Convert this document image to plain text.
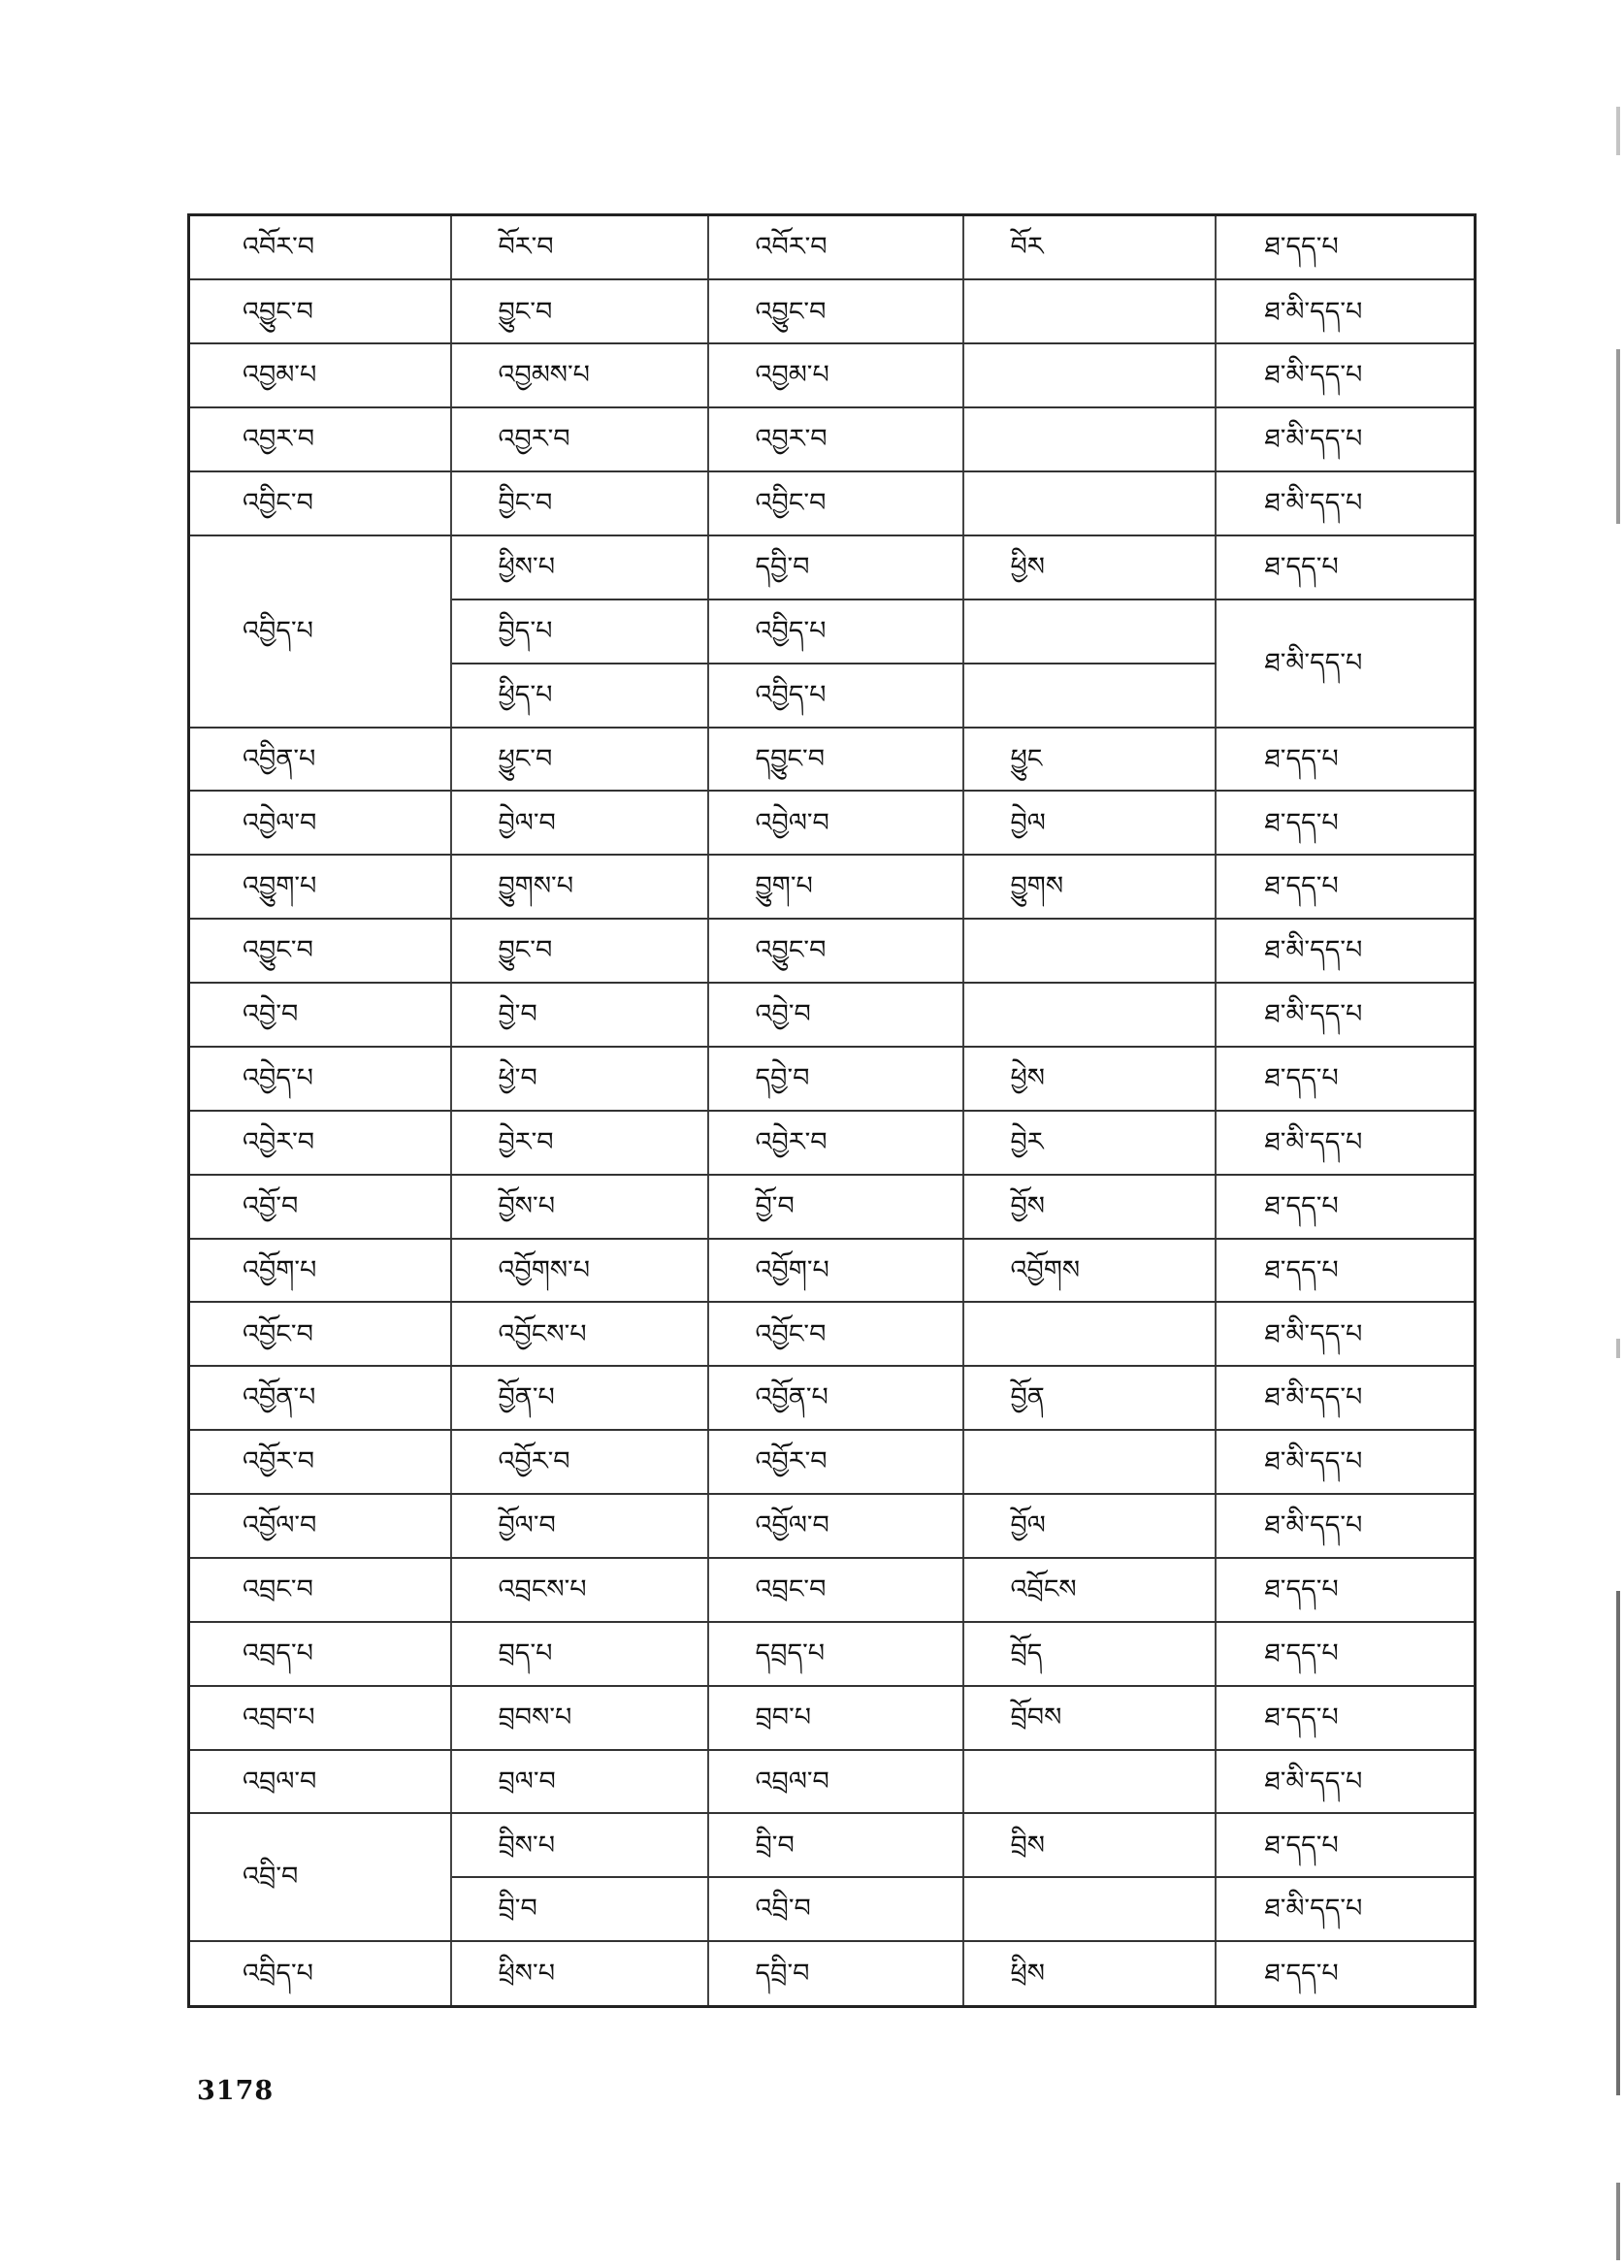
འབོར་བ	བོར་བ	འབོར་བ	བོར	ཐ་དད་པ
འབྱུང་བ	བྱུང་བ	འབྱུང་བ		ཐ་མི་དད་པ
འབྱམ་པ	འབྱམས་པ	འབྱམ་པ		ཐ་མི་དད་པ
འབྱར་བ	འབྱར་བ	འབྱར་བ		ཐ་མི་དད་པ
འབྱིང་བ	བྱིང་བ	འབྱིང་བ		ཐ་མི་དད་པ
འབྱིད་པ	ཕྱིས་པ	དབྱི་བ	ཕྱིས	ཐ་དད་པ
	བྱིད་པ	འབྱིད་པ		ཐ་མི་དད་པ
	ཕྱིད་པ	འབྱིད་པ		
འབྱིན་པ	ཕྱུང་བ	དབྱུང་བ	ཕྱུང	ཐ་དད་པ
འབྱེལ་བ	བྱེལ་བ	འབྱེལ་བ	བྱེལ	ཐ་དད་པ
འབྱུག་པ	བྱུགས་པ	བྱུག་པ	བྱུགས	ཐ་དད་པ
འབྱུང་བ	བྱུང་བ	འབྱུང་བ		ཐ་མི་དད་པ
འབྱེ་བ	བྱེ་བ	འབྱེ་བ		ཐ་མི་དད་པ
འབྱེད་པ	ཕྱེ་བ	དབྱེ་བ	ཕྱེས	ཐ་དད་པ
འབྱེར་བ	བྱེར་བ	འབྱེར་བ	བྱེར	ཐ་མི་དད་པ
འབྱོ་བ	བྱོས་པ	བྱོ་བ	བྱོས	ཐ་དད་པ
འབྱོག་པ	འབྱོགས་པ	འབྱོག་པ	འབྱོགས	ཐ་དད་པ
འབྱོང་བ	འབྱོངས་པ	འབྱོང་བ		ཐ་མི་དད་པ
འབྱོན་པ	བྱོན་པ	འབྱོན་པ	བྱོན	ཐ་མི་དད་པ
འབྱོར་བ	འབྱོར་བ	འབྱོར་བ		ཐ་མི་དད་པ
འབྱོལ་བ	བྱོལ་བ	འབྱོལ་བ	བྱོལ	ཐ་མི་དད་པ
འབྲང་བ	འབྲངས་པ	འབྲང་བ	འབྲོངས	ཐ་དད་པ
འབྲད་པ	བྲད་པ	དབྲད་པ	བྲོད	ཐ་དད་པ
འབྲབ་པ	བྲབས་པ	བྲབ་པ	བྲོབས	ཐ་དད་པ
འབྲལ་བ	བྲལ་བ	འབྲལ་བ		ཐ་མི་དད་པ
འབྲི་བ	བྲིས་པ	བྲི་བ	བྲིས	ཐ་དད་པ
	བྲི་བ	འབྲི་བ		ཐ་མི་དད་པ
འབྲིད་པ	ཕྲིས་པ	དབྲི་བ	ཕྲིས	ཐ་དད་པ
3178
